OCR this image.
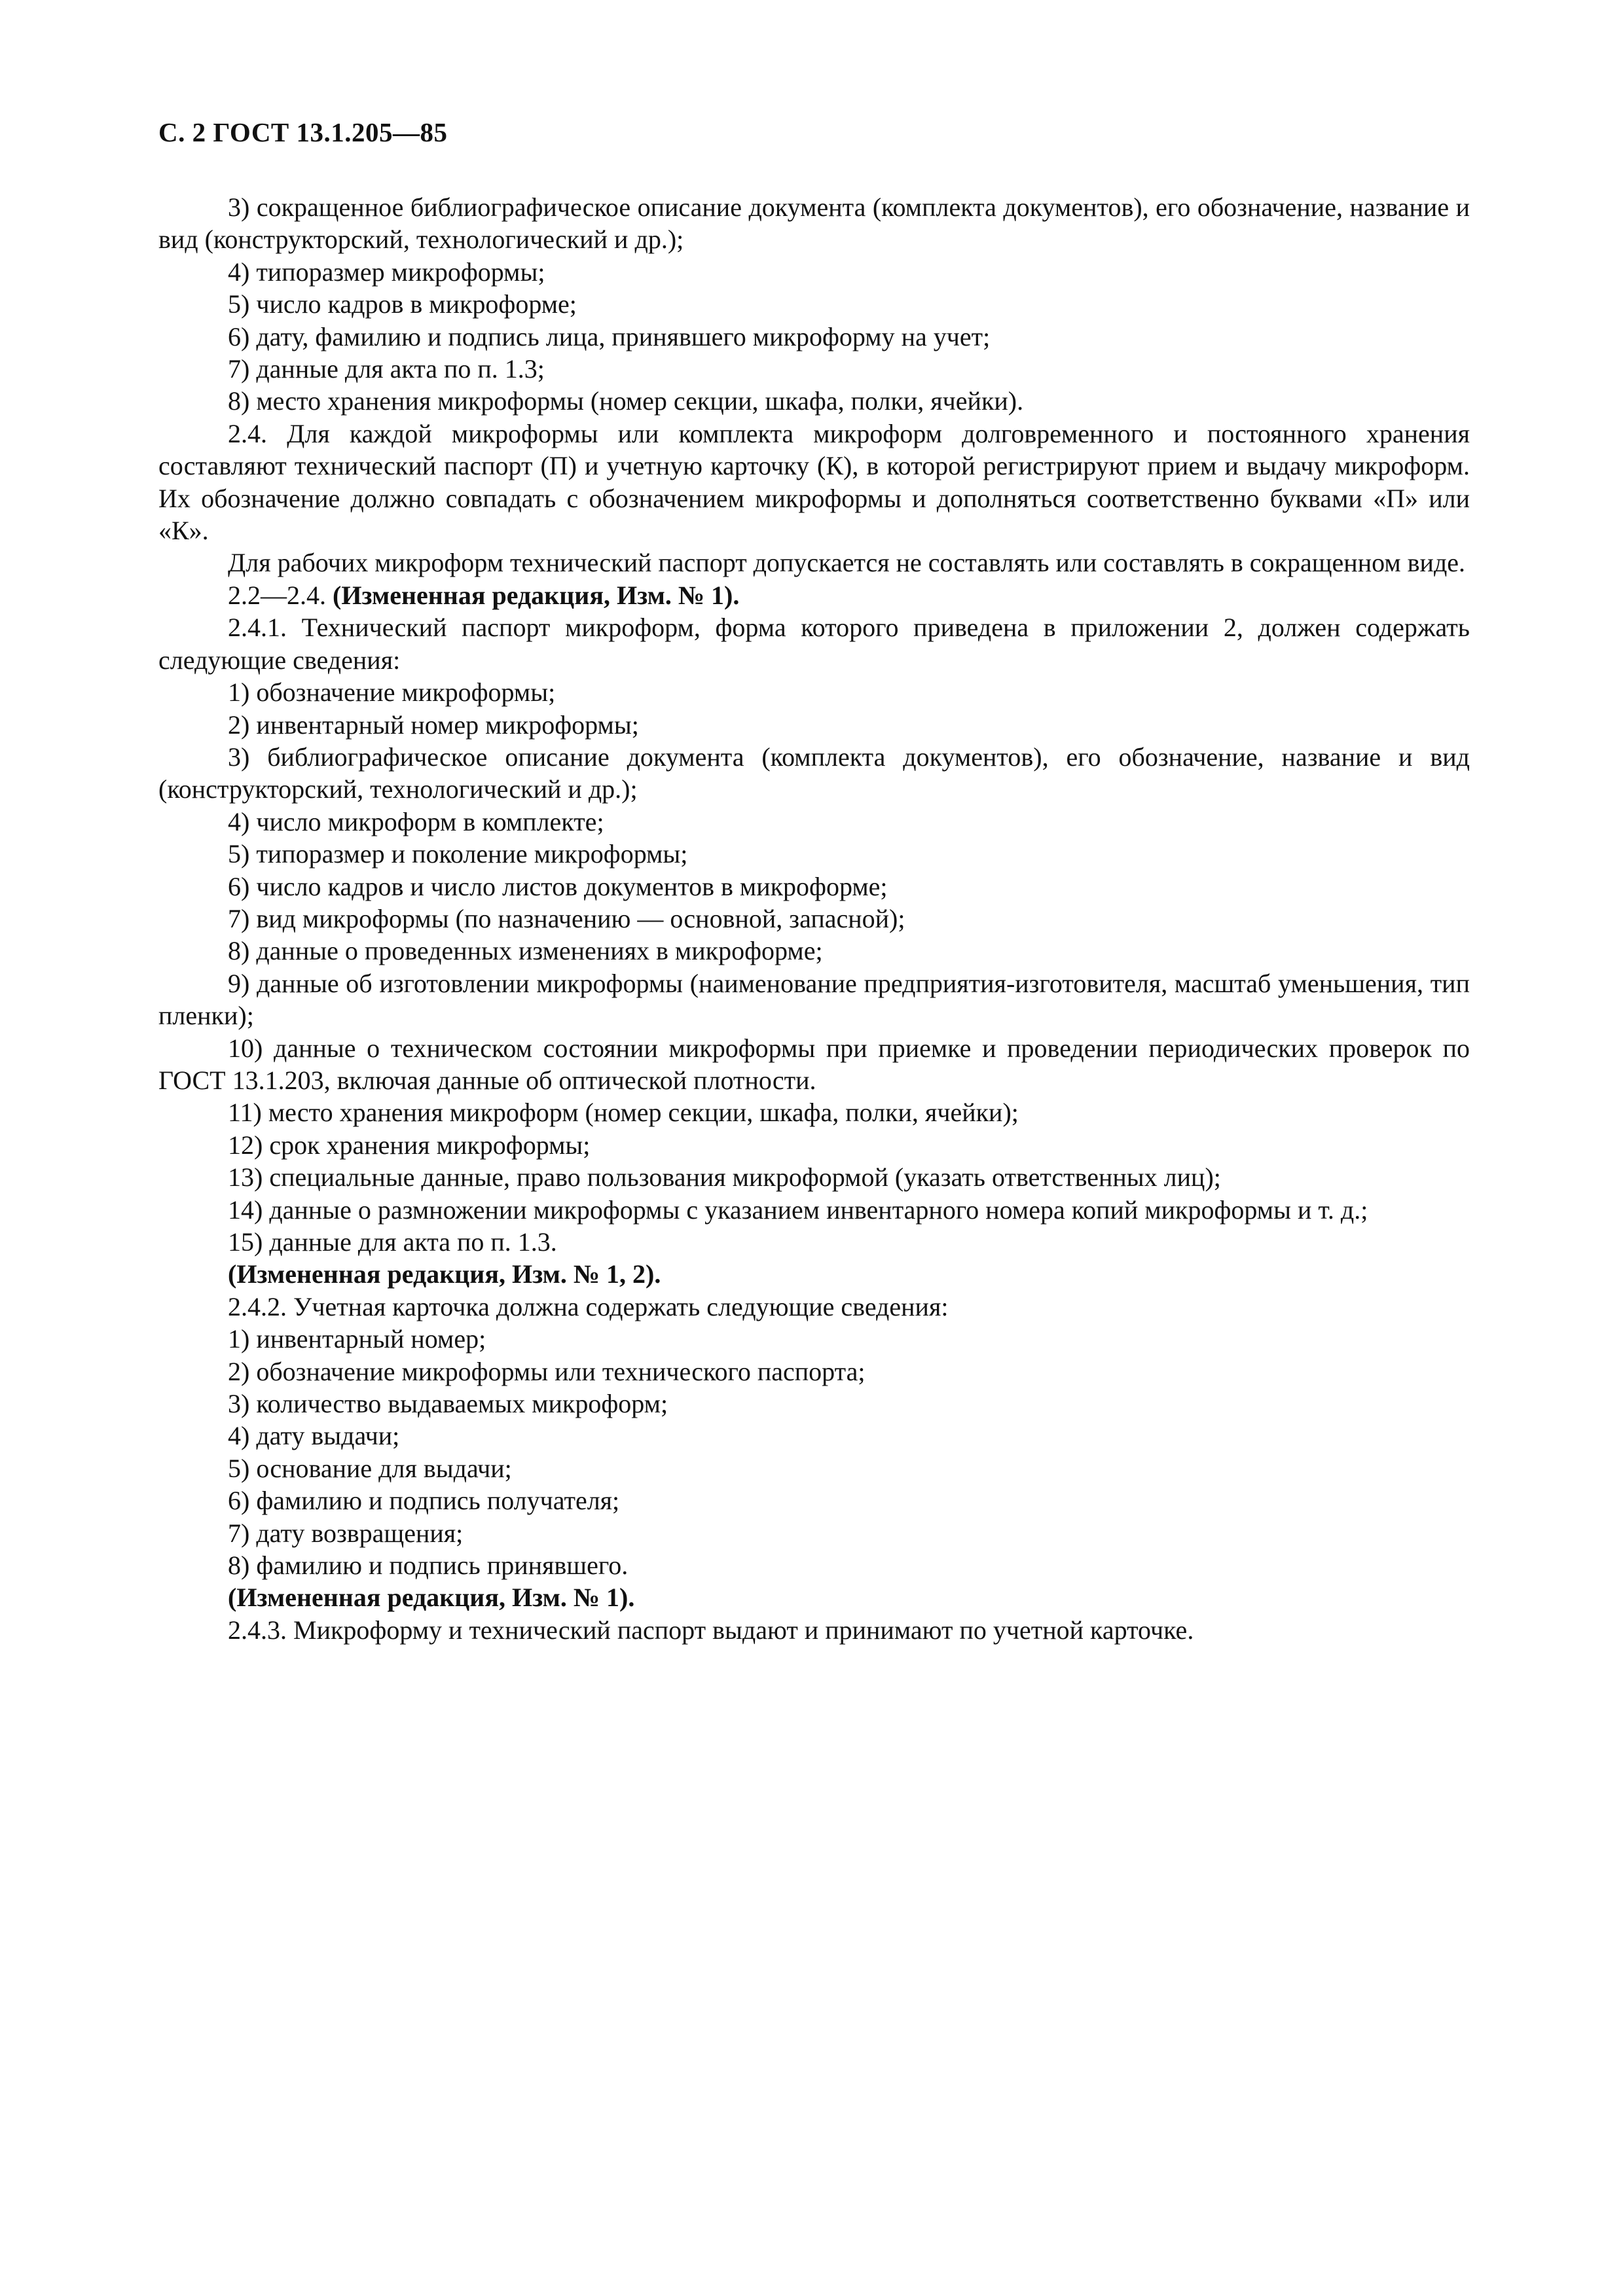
С. 2 ГОСТ 13.1.205—85

3) сокращенное библиографическое описание документа (комплекта документов), его обозначение, название и вид (конструкторский, технологический и др.);

4) типоразмер микроформы;

5) число кадров в микроформе;

6) дату, фамилию и подпись лица, принявшего микроформу на учет;

7) данные для акта по п. 1.3;

8) место хранения микроформы (номер секции, шкафа, полки, ячейки).

2.4. Для каждой микроформы или комплекта микроформ долговременного и постоянного хранения составляют технический паспорт (П) и учетную карточку (К), в которой регистрируют прием и выдачу микроформ. Их обозначение должно совпадать с обозначением микроформы и дополняться соответственно буквами «П» или «К».

Для рабочих микроформ технический паспорт допускается не составлять или составлять в сокращенном виде.

2.2—2.4. (Измененная редакция, Изм. № 1).

2.4.1. Технический паспорт микроформ, форма которого приведена в приложении 2, должен содержать следующие сведения:

1) обозначение микроформы;

2) инвентарный номер микроформы;

3) библиографическое описание документа (комплекта документов), его обозначение, название и вид (конструкторский, технологический и др.);

4) число микроформ в комплекте;

5) типоразмер и поколение микроформы;

6) число кадров и число листов документов в микроформе;

7) вид микроформы (по назначению — основной, запасной);

8) данные о проведенных изменениях в микроформе;

9) данные об изготовлении микроформы (наименование предприятия-изготовителя, масштаб уменьшения, тип пленки);

10) данные о техническом состоянии микроформы при приемке и проведении периодических проверок по ГОСТ 13.1.203, включая данные об оптической плотности.

11) место хранения микроформ (номер секции, шкафа, полки, ячейки);

12) срок хранения микроформы;

13) специальные данные, право пользования микроформой (указать ответственных лиц);

14) данные о размножении микроформы с указанием инвентарного номера копий микроформы и т. д.;

15) данные для акта по п. 1.3.

(Измененная редакция, Изм. № 1, 2).

2.4.2. Учетная карточка должна содержать следующие сведения:

1) инвентарный номер;

2) обозначение микроформы или технического паспорта;

3) количество выдаваемых микроформ;

4) дату выдачи;

5) основание для выдачи;

6) фамилию и подпись получателя;

7) дату возвращения;

8) фамилию и подпись принявшего.

(Измененная редакция, Изм. № 1).

2.4.3. Микроформу и технический паспорт выдают и принимают по учетной карточке.
